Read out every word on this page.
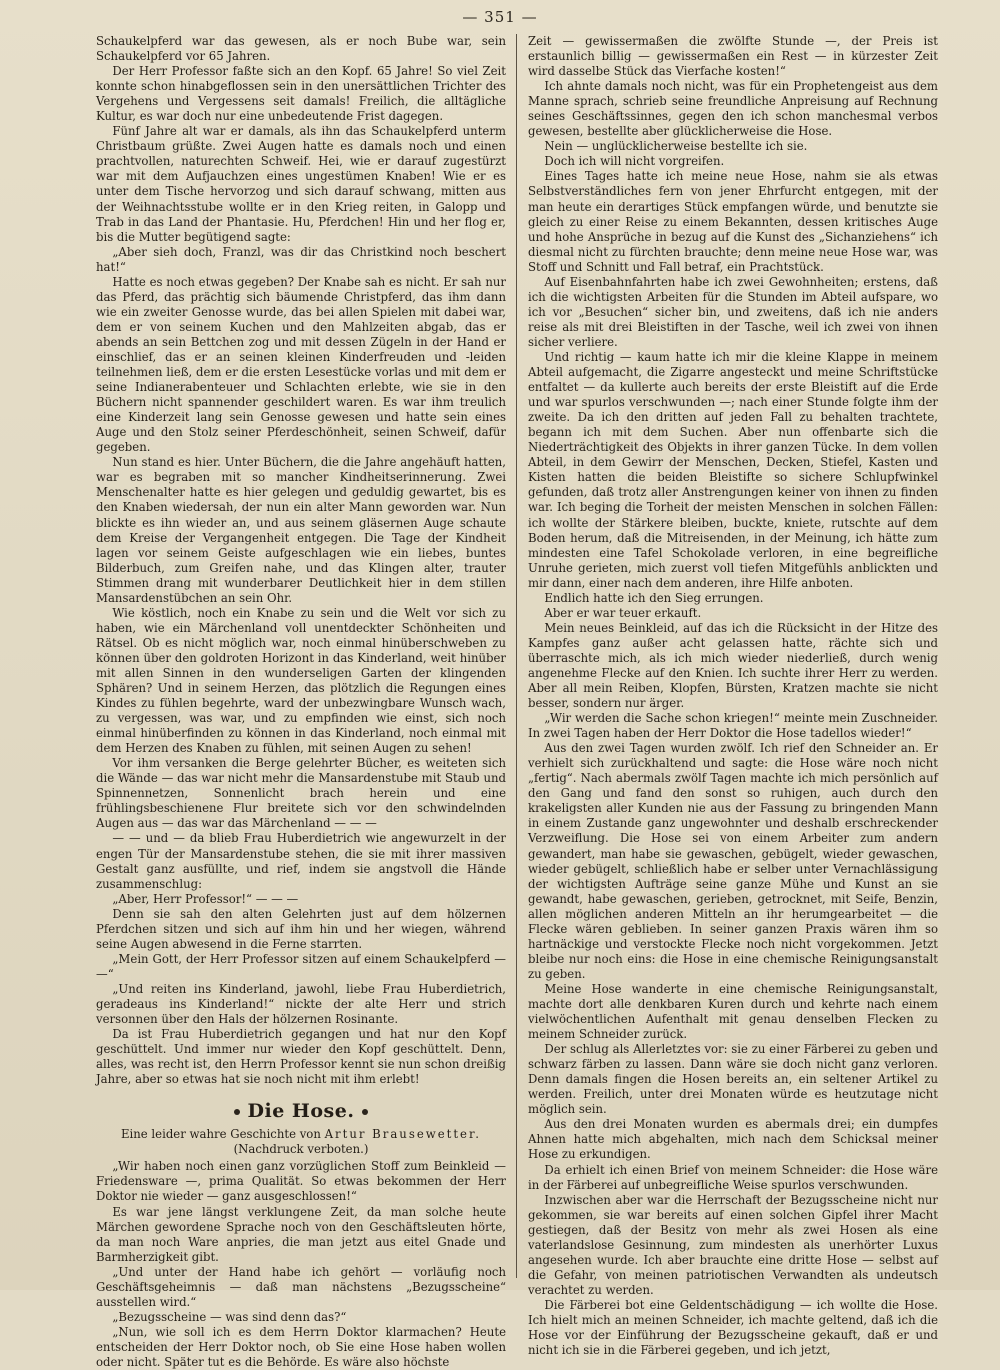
— 351 —

Schaukelpferd war das gewesen, als er noch Bube war, sein Schaukelpferd vor 65 Jahren.

Der Herr Professor faßte sich an den Kopf. 65 Jahre! So viel Zeit konnte schon hinabgeflossen sein in den unersättlichen Trichter des Vergehens und Vergessens seit damals! Freilich, die alltägliche Kultur, es war doch nur eine unbedeutende Frist dagegen.

Fünf Jahre alt war er damals, als ihn das Schaukelpferd unterm Christbaum grüßte. Zwei Augen hatte es damals noch und einen prachtvollen, naturechten Schweif. Hei, wie er darauf zugestürzt war mit dem Aufjauchzen eines ungestümen Knaben! Wie er es unter dem Tische hervorzog und sich darauf schwang, mitten aus der Weihnachtsstube wollte er in den Krieg reiten, in Galopp und Trab in das Land der Phantasie. Hu, Pferdchen! Hin und her flog er, bis die Mutter begütigend sagte:

„Aber sieh doch, Franzl, was dir das Christkind noch beschert hat!“

Hatte es noch etwas gegeben? Der Knabe sah es nicht. Er sah nur das Pferd, das prächtig sich bäumende Christpferd, das ihm dann wie ein zweiter Genosse wurde, das bei allen Spielen mit dabei war, dem er von seinem Kuchen und den Mahlzeiten abgab, das er abends an sein Bettchen zog und mit dessen Zügeln in der Hand er einschlief, das er an seinen kleinen Kinderfreuden und -leiden teilnehmen ließ, dem er die ersten Lesestücke vorlas und mit dem er seine Indianerabenteuer und Schlachten erlebte, wie sie in den Büchern nicht spannender geschildert waren. Es war ihm treulich eine Kinderzeit lang sein Genosse gewesen und hatte sein eines Auge und den Stolz seiner Pferdeschönheit, seinen Schweif, dafür gegeben.

Nun stand es hier. Unter Büchern, die die Jahre angehäuft hatten, war es begraben mit so mancher Kindheitserinnerung. Zwei Menschenalter hatte es hier gelegen und geduldig gewartet, bis es den Knaben wiedersah, der nun ein alter Mann geworden war. Nun blickte es ihn wieder an, und aus seinem gläsernen Auge schaute dem Kreise der Vergangenheit entgegen. Die Tage der Kindheit lagen vor seinem Geiste aufgeschlagen wie ein liebes, buntes Bilderbuch, zum Greifen nahe, und das Klingen alter, trauter Stimmen drang mit wunderbarer Deutlichkeit hier in dem stillen Mansardenstübchen an sein Ohr.

Wie köstlich, noch ein Knabe zu sein und die Welt vor sich zu haben, wie ein Märchenland voll unentdeckter Schönheiten und Rätsel. Ob es nicht möglich war, noch einmal hinüberschweben zu können über den goldroten Horizont in das Kinderland, weit hinüber mit allen Sinnen in den wunderseligen Garten der klingenden Sphären? Und in seinem Herzen, das plötzlich die Regungen eines Kindes zu fühlen begehrte, ward der unbezwingbare Wunsch wach, zu vergessen, was war, und zu empfinden wie einst, sich noch einmal hinüberfinden zu können in das Kinderland, noch einmal mit dem Herzen des Knaben zu fühlen, mit seinen Augen zu sehen!

Vor ihm versanken die Berge gelehrter Bücher, es weiteten sich die Wände — das war nicht mehr die Mansardenstube mit Staub und Spinnennetzen, Sonnenlicht brach herein und eine frühlingsbeschienene Flur breitete sich vor den schwindelnden Augen aus — das war das Märchenland — — —

— — und — da blieb Frau Huberdietrich wie angewurzelt in der engen Tür der Mansardenstube stehen, die sie mit ihrer massiven Gestalt ganz ausfüllte, und rief, indem sie angstvoll die Hände zusammenschlug:

„Aber, Herr Professor!“ — — —

Denn sie sah den alten Gelehrten just auf dem hölzernen Pferdchen sitzen und sich auf ihm hin und her wiegen, während seine Augen abwesend in die Ferne starrten.

„Mein Gott, der Herr Professor sitzen auf einem Schaukelpferd — —“

„Und reiten ins Kinderland, jawohl, liebe Frau Huberdietrich, geradeaus ins Kinderland!“ nickte der alte Herr und strich versonnen über den Hals der hölzernen Rosinante.

Da ist Frau Huberdietrich gegangen und hat nur den Kopf geschüttelt. Und immer nur wieder den Kopf geschüttelt. Denn, alles, was recht ist, den Herrn Professor kennt sie nun schon dreißig Jahre, aber so etwas hat sie noch nicht mit ihm erlebt!

Die Hose.

Eine leider wahre Geschichte von Artur Brausewetter.

(Nachdruck verboten.)

„Wir haben noch einen ganz vorzüglichen Stoff zum Beinkleid — Friedensware —, prima Qualität. So etwas bekommen der Herr Doktor nie wieder — ganz ausgeschlossen!“

Es war jene längst verklungene Zeit, da man solche heute Märchen gewordene Sprache noch von den Geschäftsleuten hörte, da man noch Ware anpries, die man jetzt aus eitel Gnade und Barmherzigkeit gibt.

„Und unter der Hand habe ich gehört — vorläufig noch Geschäftsgeheimnis — daß man nächstens „Bezugsscheine“ ausstellen wird.“

„Bezugsscheine — was sind denn das?“

„Nun, wie soll ich es dem Herrn Doktor klarmachen? Heute entscheiden der Herr Doktor noch, ob Sie eine Hose haben wollen oder nicht. Später tut es die Behörde. Es wäre also höchste

Zeit — gewissermaßen die zwölfte Stunde —, der Preis ist erstaunlich billig — gewissermaßen ein Rest — in kürzester Zeit wird dasselbe Stück das Vierfache kosten!“

Ich ahnte damals noch nicht, was für ein Prophetengeist aus dem Manne sprach, schrieb seine freundliche Anpreisung auf Rechnung seines Geschäftssinnes, gegen den ich schon manchesmal verbos gewesen, bestellte aber glücklicherweise die Hose.

Nein — unglücklicherweise bestellte ich sie.

Doch ich will nicht vorgreifen.

Eines Tages hatte ich meine neue Hose, nahm sie als etwas Selbstverständliches fern von jener Ehrfurcht entgegen, mit der man heute ein derartiges Stück empfangen würde, und benutzte sie gleich zu einer Reise zu einem Bekannten, dessen kritisches Auge und hohe Ansprüche in bezug auf die Kunst des „Sichanziehens“ ich diesmal nicht zu fürchten brauchte; denn meine neue Hose war, was Stoff und Schnitt und Fall betraf, ein Prachtstück.

Auf Eisenbahnfahrten habe ich zwei Gewohnheiten; erstens, daß ich die wichtigsten Arbeiten für die Stunden im Abteil aufspare, wo ich vor „Besuchen“ sicher bin, und zweitens, daß ich nie anders reise als mit drei Bleistiften in der Tasche, weil ich zwei von ihnen sicher verliere.

Und richtig — kaum hatte ich mir die kleine Klappe in meinem Abteil aufgemacht, die Zigarre angesteckt und meine Schriftstücke entfaltet — da kullerte auch bereits der erste Bleistift auf die Erde und war spurlos verschwunden —; nach einer Stunde folgte ihm der zweite. Da ich den dritten auf jeden Fall zu behalten trachtete, begann ich mit dem Suchen. Aber nun offenbarte sich die Niederträchtigkeit des Objekts in ihrer ganzen Tücke. In dem vollen Abteil, in dem Gewirr der Menschen, Decken, Stiefel, Kasten und Kisten hatten die beiden Bleistifte so sichere Schlupfwinkel gefunden, daß trotz aller Anstrengungen keiner von ihnen zu finden war. Ich beging die Torheit der meisten Menschen in solchen Fällen: ich wollte der Stärkere bleiben, buckte, kniete, rutschte auf dem Boden herum, daß die Mitreisenden, in der Meinung, ich hätte zum mindesten eine Tafel Schokolade verloren, in eine begreifliche Unruhe gerieten, mich zuerst voll tiefen Mitgefühls anblickten und mir dann, einer nach dem anderen, ihre Hilfe anboten.

Endlich hatte ich den Sieg errungen.

Aber er war teuer erkauft.

Mein neues Beinkleid, auf das ich die Rücksicht in der Hitze des Kampfes ganz außer acht gelassen hatte, rächte sich und überraschte mich, als ich mich wieder niederließ, durch wenig angenehme Flecke auf den Knien. Ich suchte ihrer Herr zu werden. Aber all mein Reiben, Klopfen, Bürsten, Kratzen machte sie nicht besser, sondern nur ärger.

„Wir werden die Sache schon kriegen!“ meinte mein Zuschneider. In zwei Tagen haben der Herr Doktor die Hose tadellos wieder!“

Aus den zwei Tagen wurden zwölf. Ich rief den Schneider an. Er verhielt sich zurückhaltend und sagte: die Hose wäre noch nicht „fertig“. Nach abermals zwölf Tagen machte ich mich persönlich auf den Gang und fand den sonst so ruhigen, auch durch den krakeligsten aller Kunden nie aus der Fassung zu bringenden Mann in einem Zustande ganz ungewohnter und deshalb erschreckender Verzweiflung. Die Hose sei von einem Arbeiter zum andern gewandert, man habe sie gewaschen, gebügelt, wieder gewaschen, wieder gebügelt, schließlich habe er selber unter Vernachlässigung der wichtigsten Aufträge seine ganze Mühe und Kunst an sie gewandt, habe gewaschen, gerieben, getrocknet, mit Seife, Benzin, allen möglichen anderen Mitteln an ihr herumgearbeitet — die Flecke wären geblieben. In seiner ganzen Praxis wären ihm so hartnäckige und verstockte Flecke noch nicht vorgekommen. Jetzt bleibe nur noch eins: die Hose in eine chemische Reinigungsanstalt zu geben.

Meine Hose wanderte in eine chemische Reinigungsanstalt, machte dort alle denkbaren Kuren durch und kehrte nach einem vielwöchentlichen Aufenthalt mit genau denselben Flecken zu meinem Schneider zurück.

Der schlug als Allerletztes vor: sie zu einer Färberei zu geben und schwarz färben zu lassen. Dann wäre sie doch nicht ganz verloren. Denn damals fingen die Hosen bereits an, ein seltener Artikel zu werden. Freilich, unter drei Monaten würde es heutzutage nicht möglich sein.

Aus den drei Monaten wurden es abermals drei; ein dumpfes Ahnen hatte mich abgehalten, mich nach dem Schicksal meiner Hose zu erkundigen.

Da erhielt ich einen Brief von meinem Schneider: die Hose wäre in der Färberei auf unbegreifliche Weise spurlos verschwunden.

Inzwischen aber war die Herrschaft der Bezugsscheine nicht nur gekommen, sie war bereits auf einen solchen Gipfel ihrer Macht gestiegen, daß der Besitz von mehr als zwei Hosen als eine vaterlandslose Gesinnung, zum mindesten als unerhörter Luxus angesehen wurde. Ich aber brauchte eine dritte Hose — selbst auf die Gefahr, von meinen patriotischen Verwandten als undeutsch verachtet zu werden.

Die Färberei bot eine Geldentschädigung — ich wollte die Hose. Ich hielt mich an meinen Schneider, ich machte geltend, daß ich die Hose vor der Einführung der Bezugsscheine gekauft, daß er und nicht ich sie in die Färberei gegeben, und ich jetzt,
